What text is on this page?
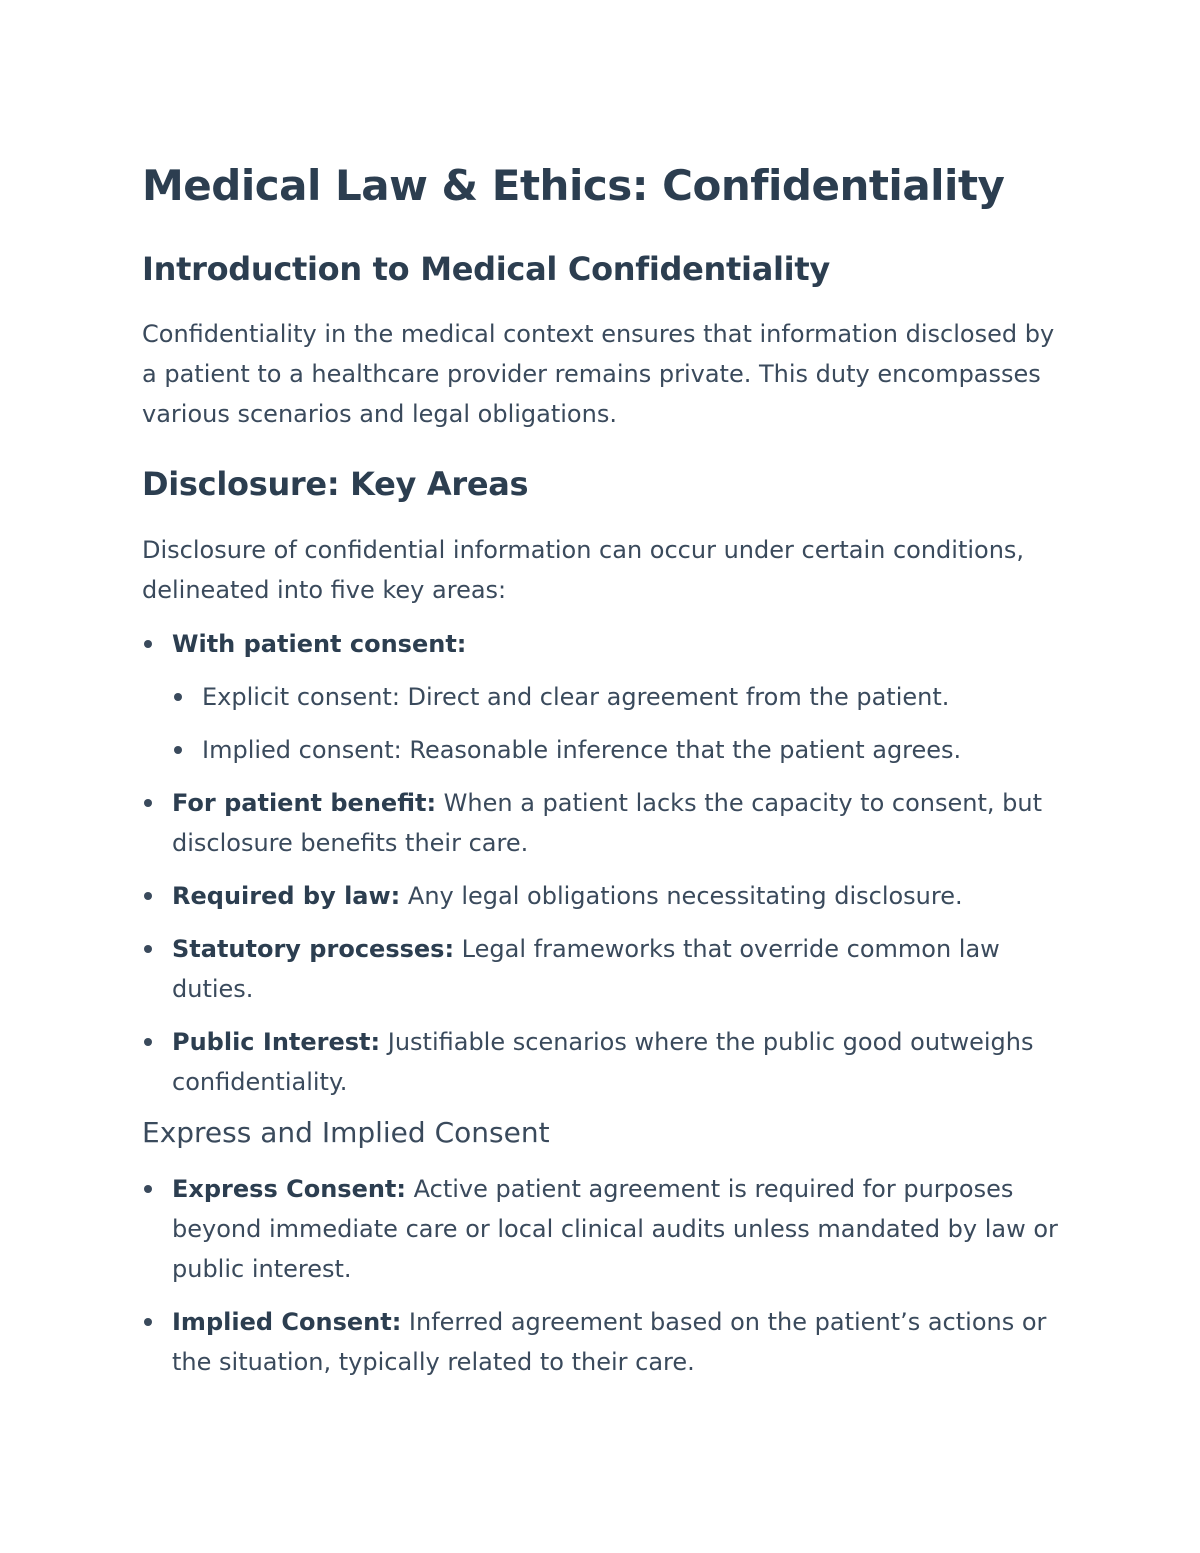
Medical Law & Ethics: Confidentiality
Introduction to Medical Confidentiality

Confidentiality in the medical context ensures that information disclosed by a patient to a healthcare provider remains private. This duty encompasses various scenarios and legal obligations.

Disclosure: Key Areas

Disclosure of confidential information can occur under certain conditions, delineated into five key areas:

With patient consent:
Explicit consent: Direct and clear agreement from the patient.
Implied consent: Reasonable inference that the patient agrees.
For patient benefit: When a patient lacks the capacity to consent, but disclosure benefits their care.
Required by law: Any legal obligations necessitating disclosure.
Statutory processes: Legal frameworks that override common law duties.
Public Interest: Justifiable scenarios where the public good outweighs confidentiality.
Express and Implied Consent
Express Consent: Active patient agreement is required for purposes beyond immediate care or local clinical audits unless mandated by law or public interest.
Implied Consent: Inferred agreement based on the patient’s actions or the situation, typically related to their care.
